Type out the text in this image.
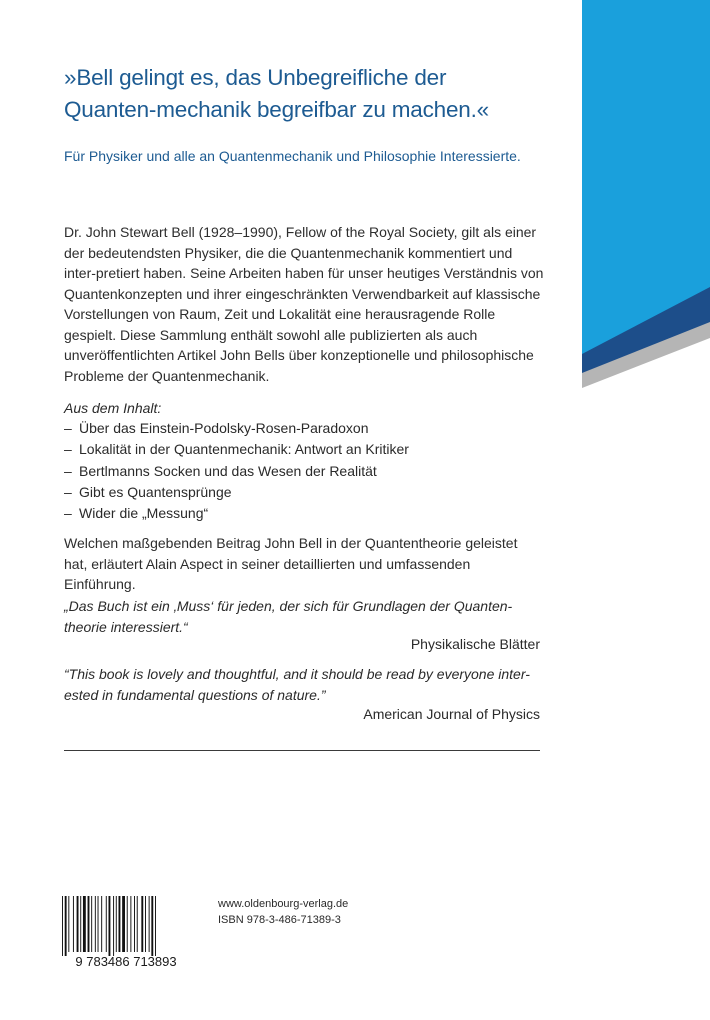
»Bell gelingt es, das Unbegreifliche der Quanten-mechanik begreifbar zu machen.«
Für Physiker und alle an Quantenmechanik und Philosophie Interessierte.

Dr. John Stewart Bell (1928–1990), Fellow of the Royal Society, gilt als einer der bedeutendsten Physiker, die die Quantenmechanik kommentiert und inter-pretiert haben. Seine Arbeiten haben für unser heutiges Verständnis von Quantenkonzepten und ihrer eingeschränkten Verwendbarkeit auf klassische Vorstellungen von Raum, Zeit und Lokalität eine herausragende Rolle gespielt. Diese Sammlung enthält sowohl alle publizierten als auch unveröffentlichten Artikel John Bells über konzeptionelle und philosophische Probleme der Quantenmechanik.

Aus dem Inhalt:
– Über das Einstein-Podolsky-Rosen-Paradoxon
– Lokalität in der Quantenmechanik: Antwort an Kritiker
– Bertlmanns Socken und das Wesen der Realität
– Gibt es Quantensprünge
– Wider die „Messung“

Welchen maßgebenden Beitrag John Bell in der Quantentheorie geleistet hat, erläutert Alain Aspect in seiner detaillierten und umfassenden Einführung.

„Das Buch ist ein ‚Muss‘ für jeden, der sich für Grundlagen der Quanten-theorie interessiert.“

Physikalische Blätter

“This book is lovely and thoughtful, and it should be read by everyone inter-ested in fundamental questions of nature.”

American Journal of Physics
9 783486 713893
www.oldenbourg-verlag.de
ISBN 978-3-486-71389-3
